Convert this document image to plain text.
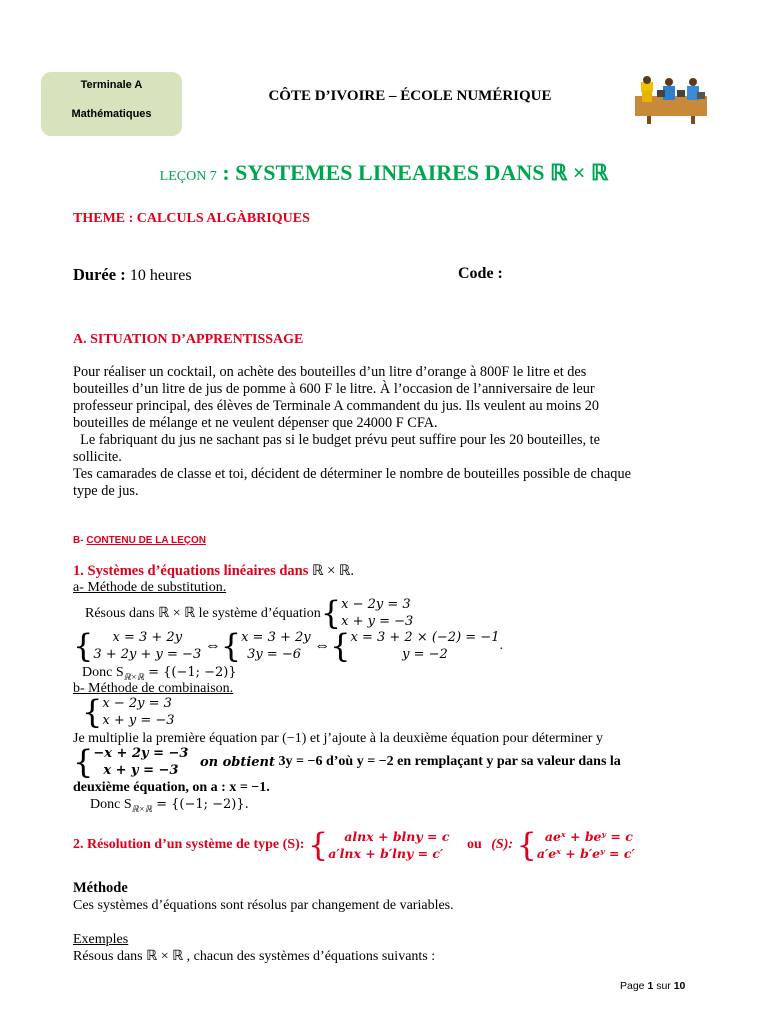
Terminale A
Mathématiques
CÔTE D’IVOIRE – ÉCOLE NUMÉRIQUE
LEÇON 7 : SYSTEMES LINEAIRES DANS ℝ × ℝ
THEME : CALCULS ALGÀBRIQUES
Durée : 10 heures	Code :
A. SITUATION D’APPRENTISSAGE
Pour réaliser un cocktail, on achète des bouteilles d’un litre d’orange à 800F le litre et des
bouteilles d’un litre de jus de pomme à 600 F le litre. À l’occasion de l’anniversaire de leur
professeur principal, des élèves de Terminale A commandent du jus. Ils veulent au moins 20
bouteilles de mélange et ne veulent dépenser que 24000 F CFA.
Le fabriquant du jus ne sachant pas si le budget prévu peut suffire pour les 20 bouteilles, te
sollicite.
Tes camarades de classe et toi, décident de déterminer le nombre de bouteilles possible de chaque
type de jus.
B- CONTENU DE LA LEÇON
1. Systèmes d’équations linéaires dans ℝ × ℝ.
a- Méthode de substitution.
Résous dans ℝ × ℝ le système d’équation{ x − 2y = 3
x + y = −3
{	x = 3 + 2y
3 + 2y + y = −3
⇔{ x = 3 + 2y
3y = −6
⇔{ x = 3 + 2 × (−2) = −1
y = −2
.
Donc $S_{ℝ\times ℝ} = \{(-1$; −2)}
b- Méthode de combinaison.
{ x − 2y = 3
x + y = −3
Je multiplie la première équation par (−1) et j’ajoute à la deuxième équation pour déterminer y
{ −x + 2y = −3
x + y = −3
on obtient 3y = −6 d’où y = −2 en remplaçant y par sa valeur dans la
deuxième équation, on a : x = −1.
Donc $S_{ℝ\times ℝ} = \{(-1$; −2)}.
2. Résolution d’un système de type (S): {	alnx + blny = c
a′lnx + b′lny = c′
ou (S): { aeˣ + beʸ = c
a′eˣ + b′eʸ = c′
Méthode
Ces systèmes d’équations sont résolus par changement de variables.
Exemples
Résous dans ℝ × ℝ , chacun des systèmes d’équations suivants :
Page 1 sur 10
